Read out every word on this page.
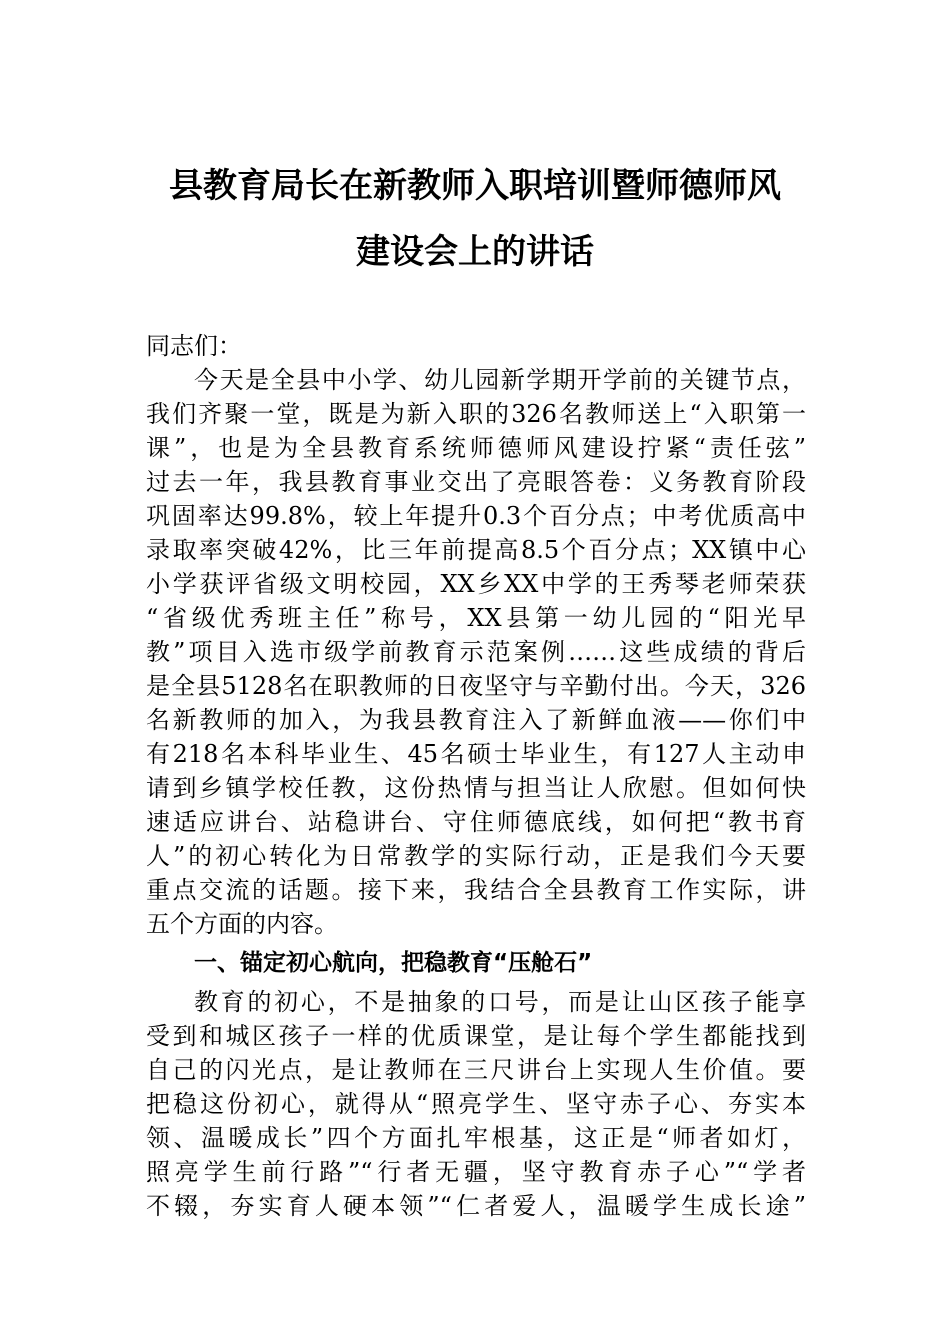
县教育局长在新教师入职培训暨师德师风
建设会上的讲话
同志们：
今天是全县中小学、幼儿园新学期开学前的关键节点，
我们齐聚一堂，既是为新入职的326名教师送上“入职第一
课”，也是为全县教育系统师德师风建设拧紧“责任弦”
过去一年，我县教育事业交出了亮眼答卷：义务教育阶段
巩固率达99.8%，较上年提升0.3个百分点；中考优质高中
录取率突破42%，比三年前提高8.5个百分点；XX镇中心
小学获评省级文明校园，XX乡XX中学的王秀琴老师荣获
“省级优秀班主任”称号，XX县第一幼儿园的“阳光早
教”项目入选市级学前教育示范案例……这些成绩的背后
是全县5128名在职教师的日夜坚守与辛勤付出。今天，326
名新教师的加入，为我县教育注入了新鲜血液——你们中
有218名本科毕业生、45名硕士毕业生，有127人主动申
请到乡镇学校任教，这份热情与担当让人欣慰。但如何快
速适应讲台、站稳讲台、守住师德底线，如何把“教书育
人”的初心转化为日常教学的实际行动，正是我们今天要
重点交流的话题。接下来，我结合全县教育工作实际，讲
五个方面的内容。
一、锚定初心航向，把稳教育“压舱石”
教育的初心，不是抽象的口号，而是让山区孩子能享
受到和城区孩子一样的优质课堂，是让每个学生都能找到
自己的闪光点，是让教师在三尺讲台上实现人生价值。要
把稳这份初心，就得从“照亮学生、坚守赤子心、夯实本
领、温暖成长”四个方面扎牢根基，这正是“师者如灯，
照亮学生前行路”“行者无疆，坚守教育赤子心”“学者
不辍，夯实育人硬本领”“仁者爱人，温暖学生成长途”
